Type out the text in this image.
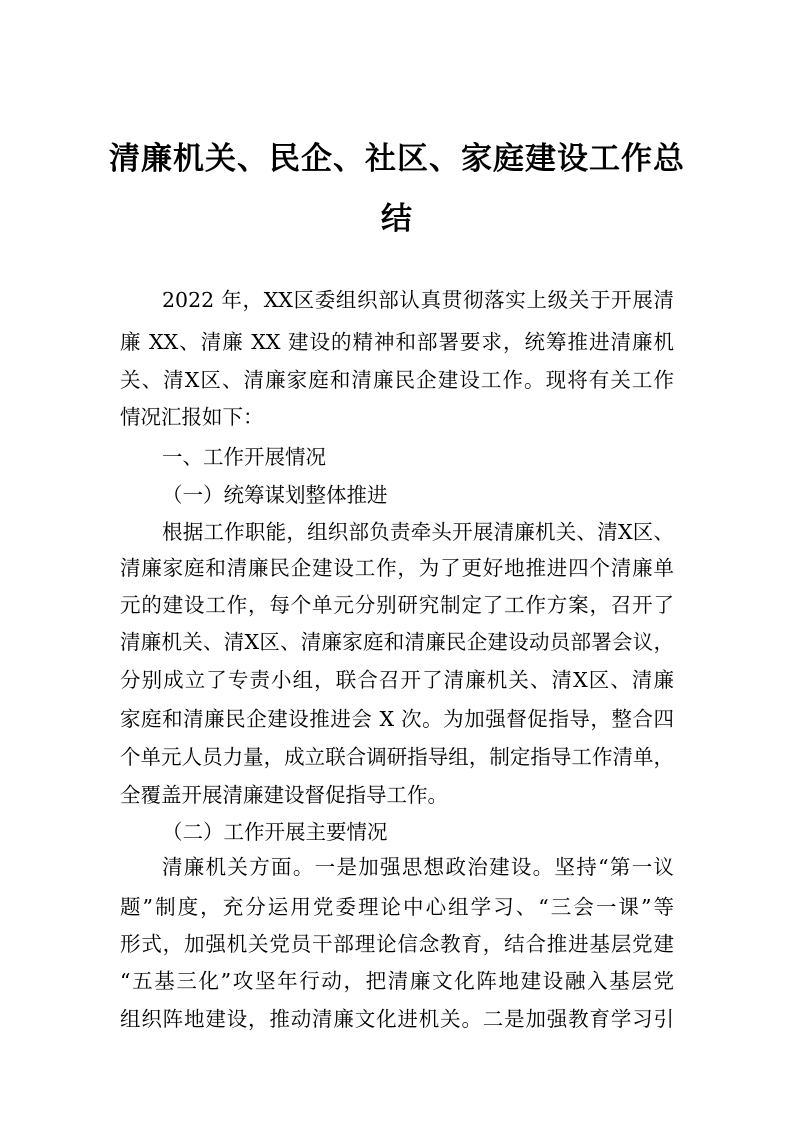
清廉机关、民企、社区、家庭建设工作总
结

2022 年，XX区委组织部认真贯彻落实上级关于开展清

廉 XX、清廉 XX 建设的精神和部署要求，统筹推进清廉机

关、清X区、清廉家庭和清廉民企建设工作。现将有关工作

情况汇报如下：

一、工作开展情况

（一）统筹谋划整体推进

根据工作职能，组织部负责牵头开展清廉机关、清X区、

清廉家庭和清廉民企建设工作，为了更好地推进四个清廉单

元的建设工作，每个单元分别研究制定了工作方案，召开了

清廉机关、清X区、清廉家庭和清廉民企建设动员部署会议，

分别成立了专责小组，联合召开了清廉机关、清X区、清廉

家庭和清廉民企建设推进会 X 次。为加强督促指导，整合四

个单元人员力量，成立联合调研指导组，制定指导工作清单，

全覆盖开展清廉建设督促指导工作。

（二）工作开展主要情况

清廉机关方面。一是加强思想政治建设。坚持“第一议

题”制度，充分运用党委理论中心组学习、“三会一课”等

形式，加强机关党员干部理论信念教育，结合推进基层党建

“五基三化”攻坚年行动，把清廉文化阵地建设融入基层党

组织阵地建设，推动清廉文化进机关。二是加强教育学习引
